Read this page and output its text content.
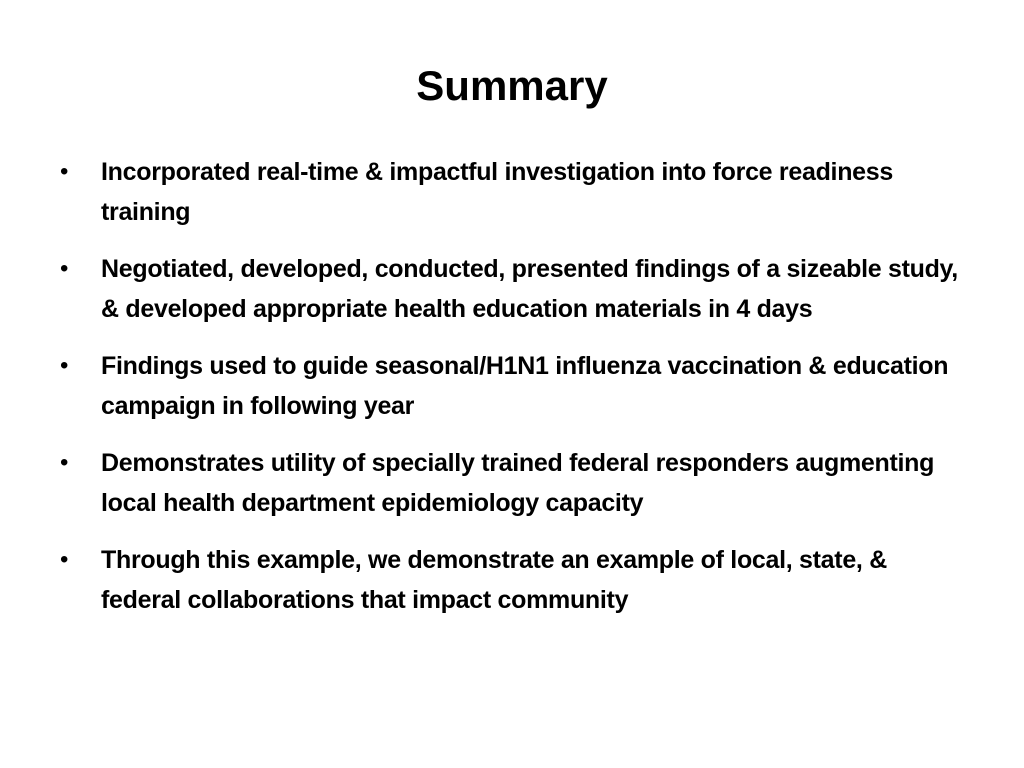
Summary
•	Incorporated real-time & impactful investigation into force readiness training
•	Negotiated, developed, conducted, presented findings of a sizeable study, & developed appropriate health education materials in 4 days
•	Findings used to guide seasonal/H1N1 influenza vaccination & education campaign in following year
•	Demonstrates utility of specially trained federal responders augmenting local health department epidemiology capacity
•	Through this example, we demonstrate an example of local, state, & federal collaborations that impact community
